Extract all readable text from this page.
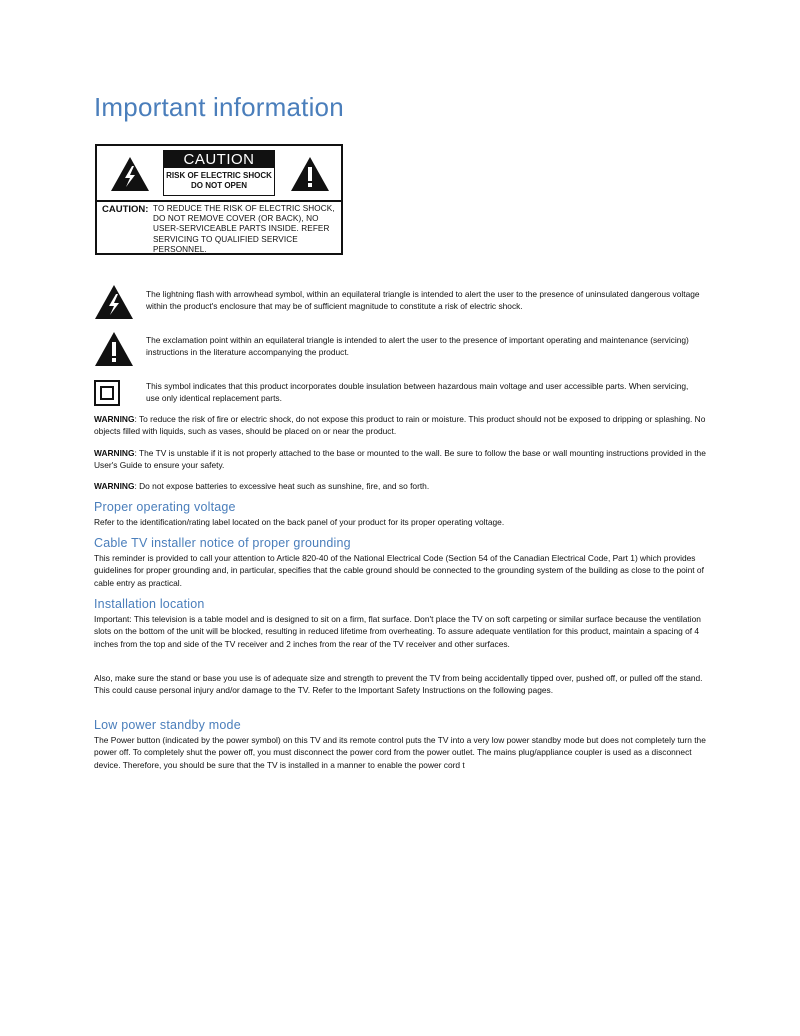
Important information
CAUTION
RISK OF ELECTRIC SHOCK
DO NOT OPEN
CAUTION: TO REDUCE THE RISK OF ELECTRIC SHOCK, DO NOT REMOVE COVER (OR BACK), NO USER-SERVICEABLE PARTS INSIDE. REFER SERVICING TO QUALIFIED SERVICE PERSONNEL.
The lightning flash with arrowhead symbol, within an equilateral triangle is intended to alert the user to the presence of uninsulated dangerous voltage within the product's enclosure that may be of sufficient magnitude to constitute a risk of electric shock.
The exclamation point within an equilateral triangle is intended to alert the user to the presence of important operating and maintenance (servicing) instructions in the literature accompanying the product.
This symbol indicates that this product incorporates double insulation between hazardous main voltage and user accessible parts. When servicing, use only identical replacement parts.
WARNING: To reduce the risk of fire or electric shock, do not expose this product to rain or moisture. This product should not be exposed to dripping or splashing. No objects filled with liquids, such as vases, should be placed on or near the product.
WARNING: The TV is unstable if it is not properly attached to the base or mounted to the wall. Be sure to follow the base or wall mounting instructions provided in the User's Guide to ensure your safety.
WARNING: Do not expose batteries to excessive heat such as sunshine, fire, and so forth.
Proper operating voltage
Refer to the identification/rating label located on the back panel of your product for its proper operating voltage.
Cable TV installer notice of proper grounding
This reminder is provided to call your attention to Article 820-40 of the National Electrical Code (Section 54 of the Canadian Electrical Code, Part 1) which provides guidelines for proper grounding and, in particular, specifies that the cable ground should be connected to the grounding system of the building as close to the point of cable entry as practical.
Installation location
Important: This television is a table model and is designed to sit on a firm, flat surface. Don't place the TV on soft carpeting or similar surface because the ventilation slots on the bottom of the unit will be blocked, resulting in reduced lifetime from overheating. To assure adequate ventilation for this product, maintain a spacing of 4 inches from the top and side of the TV receiver and 2 inches from the rear of the TV receiver and other surfaces.
Also, make sure the stand or base you use is of adequate size and strength to prevent the TV from being accidentally tipped over, pushed off, or pulled off the stand. This could cause personal injury and/or damage to the TV. Refer to the Important Safety Instructions on the following pages.
Low power standby mode
The Power button (indicated by the power symbol) on this TV and its remote control puts the TV into a very low power standby mode but does not completely turn the power off. To completely shut the power off, you must disconnect the power cord from the power outlet. The mains plug/appliance coupler is used as a disconnect device. Therefore, you should be sure that the TV is installed in a manner to enable the power cord t
